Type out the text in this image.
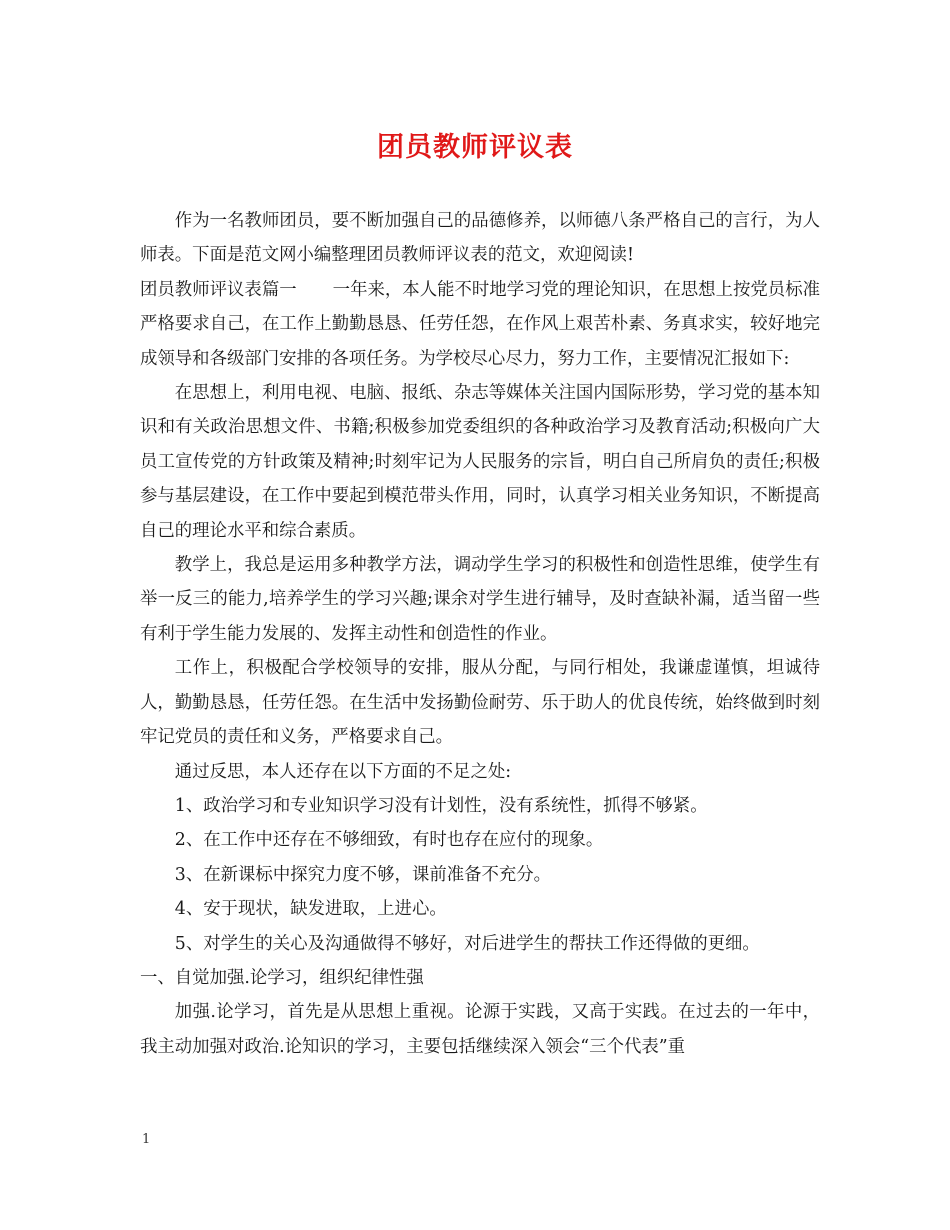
团员教师评议表

作为一名教师团员，要不断加强自己的品德修养，以师德八条严格自己的言行，为人师表。下面是范文网小编整理团员教师评议表的范文，欢迎阅读!

团员教师评议表篇一 一年来，本人能不时地学习党的理论知识，在思想上按党员标准严格要求自己，在工作上勤勤恳恳、任劳任怨，在作风上艰苦朴素、务真求实，较好地完成领导和各级部门安排的各项任务。为学校尽心尽力，努力工作，主要情况汇报如下:

在思想上，利用电视、电脑、报纸、杂志等媒体关注国内国际形势，学习党的基本知识和有关政治思想文件、书籍;积极参加党委组织的各种政治学习及教育活动;积极向广大员工宣传党的方针政策及精神;时刻牢记为人民服务的宗旨，明白自己所肩负的责任;积极参与基层建设，在工作中要起到模范带头作用，同时，认真学习相关业务知识，不断提高自己的理论水平和综合素质。

教学上，我总是运用多种教学方法，调动学生学习的积极性和创造性思维，使学生有举一反三的能力,培养学生的学习兴趣;课余对学生进行辅导，及时查缺补漏，适当留一些有利于学生能力发展的、发挥主动性和创造性的作业。

工作上，积极配合学校领导的安排，服从分配，与同行相处，我谦虚谨慎，坦诚待人，勤勤恳恳，任劳任怨。在生活中发扬勤俭耐劳、乐于助人的优良传统，始终做到时刻牢记党员的责任和义务，严格要求自己。

通过反思，本人还存在以下方面的不足之处:

1、政治学习和专业知识学习没有计划性，没有系统性，抓得不够紧。

2、在工作中还存在不够细致，有时也存在应付的现象。

3、在新课标中探究力度不够，课前准备不充分。

4、安于现状，缺发进取，上进心。

5、对学生的关心及沟通做得不够好，对后进学生的帮扶工作还得做的更细。

一、自觉加强.论学习，组织纪律性强

加强.论学习，首先是从思想上重视。论源于实践，又高于实践。在过去的一年中，我主动加强对政治.论知识的学习，主要包括继续深入领会“三个代表”重

1
